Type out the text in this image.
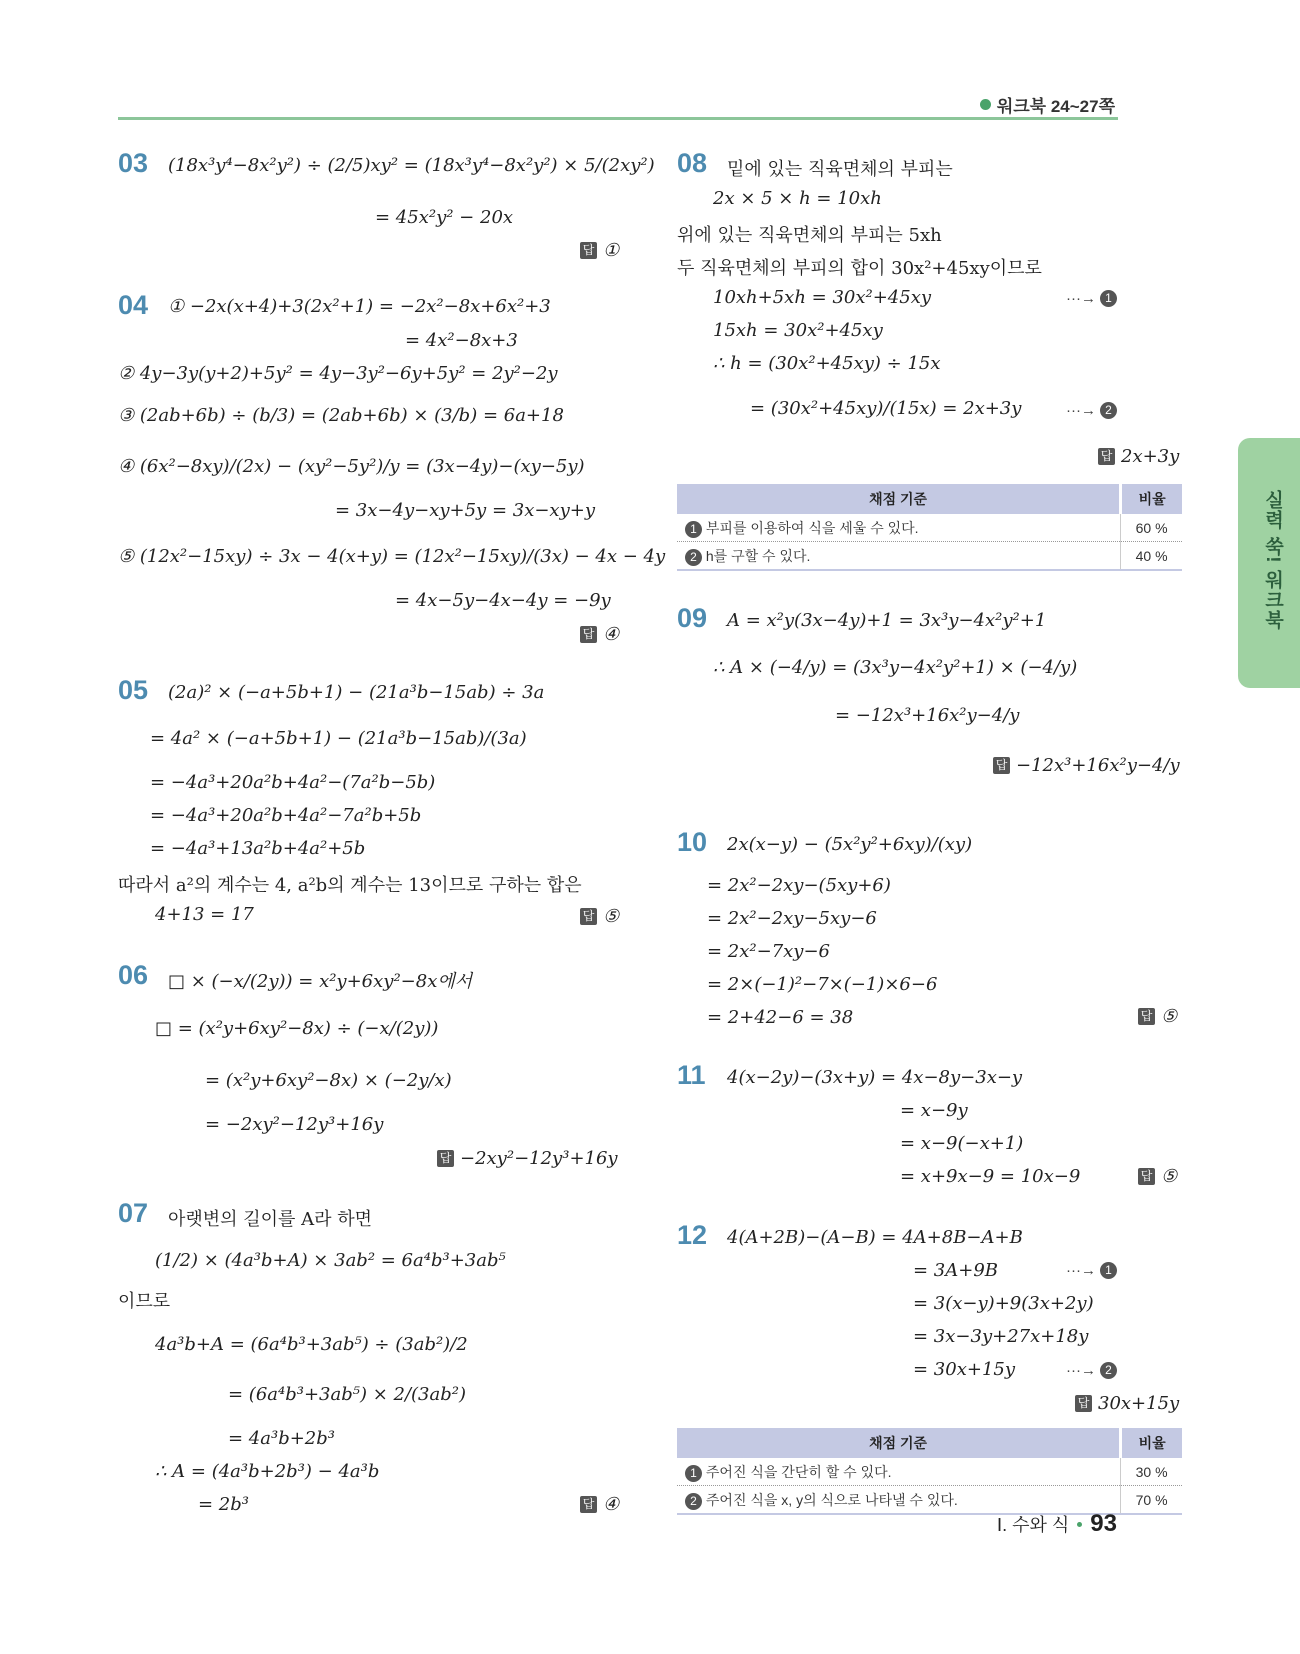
워크북 24~27쪽
03 (18x³y⁴−8x²y²) ÷ (2/5)xy² = (18x³y⁴−8x²y²) × 5/(2xy²)
= 45x²y² − 20x
답 ①
04 ① −2x(x+4)+3(2x²+1) = −2x²−8x+6x²+3
= 4x²−8x+3
② 4y−3y(y+2)+5y² = 4y−3y²−6y+5y² = 2y²−2y
③ (2ab+6b) ÷ (b/3) = (2ab+6b) × (3/b) = 6a+18
④ (6x²−8xy)/(2x) − (xy²−5y²)/y = (3x−4y)−(xy−5y)
= 3x−4y−xy+5y = 3x−xy+y
⑤ (12x²−15xy) ÷ 3x − 4(x+y) = (12x²−15xy)/(3x) − 4x − 4y
= 4x−5y−4x−4y = −9y
답 ④
05 (2a)² × (−a+5b+1) − (21a³b−15ab) ÷ 3a
= 4a² × (−a+5b+1) − (21a³b−15ab)/(3a)
= −4a³+20a²b+4a²−(7a²b−5b)
= −4a³+20a²b+4a²−7a²b+5b
= −4a³+13a²b+4a²+5b
따라서 a²의 계수는 4, a²b의 계수는 13이므로 구하는 합은
4+13 = 17	답 ⑤
06 □ × (−x/(2y)) = x²y+6xy²−8x에서
□ = (x²y+6xy²−8x) ÷ (−x/(2y))
= (x²y+6xy²−8x) × (−2y/x)
= −2xy²−12y³+16y
답 −2xy²−12y³+16y
07 아랫변의 길이를 A라 하면
(1/2) × (4a³b+A) × 3ab² = 6a⁴b³+3ab⁵
이므로
4a³b+A = (6a⁴b³+3ab⁵) ÷ (3ab²)/2
= (6a⁴b³+3ab⁵) × 2/(3ab²)
= 4a³b+2b³
∴ A = (4a³b+2b³) − 4a³b
= 2b³	답 ④
08 밑에 있는 직육면체의 부피는
2x × 5 × h = 10xh
위에 있는 직육면체의 부피는 5xh
두 직육면체의 부피의 합이 30x²+45xy이므로
10xh+5xh = 30x²+45xy	···→ 1
15xh = 30x²+45xy
∴ h = (30x²+45xy) ÷ 15x
= (30x²+45xy)/(15x) = 2x+3y	···→ 2
답 2x+3y
채점 기준	비율
1 부피를 이용하여 식을 세울 수 있다.	60 %
2 h를 구할 수 있다.	40 %
09 A = x²y(3x−4y)+1 = 3x³y−4x²y²+1
∴ A × (−4/y) = (3x³y−4x²y²+1) × (−4/y)
= −12x³+16x²y−4/y
답 −12x³+16x²y−4/y
10 2x(x−y) − (5x²y²+6xy)/(xy)
= 2x²−2xy−(5xy+6)
= 2x²−2xy−5xy−6
= 2x²−7xy−6
= 2×(−1)²−7×(−1)×6−6
= 2+42−6 = 38	답 ⑤
11 4(x−2y)−(3x+y) = 4x−8y−3x−y
= x−9y
= x−9(−x+1)
= x+9x−9 = 10x−9	답 ⑤
12 4(A+2B)−(A−B) = 4A+8B−A+B
= 3A+9B	···→ 1
= 3(x−y)+9(3x+2y)
= 3x−3y+27x+18y
= 30x+15y	···→ 2
답 30x+15y
채점 기준	비율
1 주어진 식을 간단히 할 수 있다.	30 %
2 주어진 식을 x, y의 식으로 나타낼 수 있다.	70 %
실력 쑥! 워크북
Ⅰ. 수와 식 93
